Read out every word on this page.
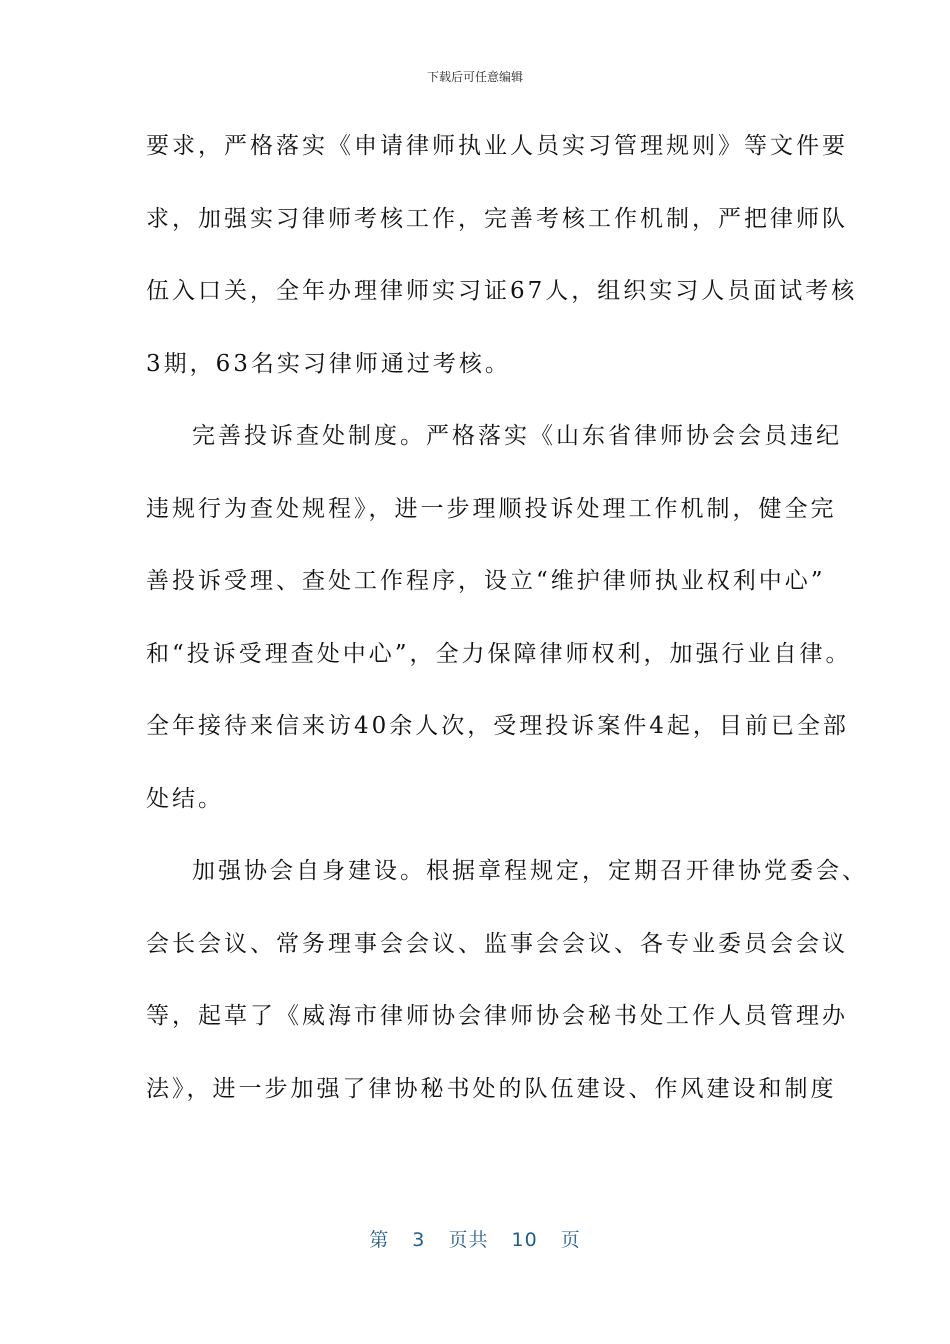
下载后可任意编辑
要求，严格落实《申请律师执业人员实习管理规则》等文件要
求，加强实习律师考核工作，完善考核工作机制，严把律师队
伍入口关，全年办理律师实习证67人，组织实习人员面试考核
3期，63名实习律师通过考核。
完善投诉查处制度。严格落实《山东省律师协会会员违纪
违规行为查处规程》，进一步理顺投诉处理工作机制，健全完
善投诉受理、查处工作程序，设立“维护律师执业权利中心”
和“投诉受理查处中心”，全力保障律师权利，加强行业自律。
全年接待来信来访40余人次，受理投诉案件4起，目前已全部
处结。
加强协会自身建设。根据章程规定，定期召开律协党委会、
会长会议、常务理事会会议、监事会会议、各专业委员会会议
等，起草了《威海市律师协会律师协会秘书处工作人员管理办
法》，进一步加强了律协秘书处的队伍建设、作风建设和制度
第 3 页共 10 页
